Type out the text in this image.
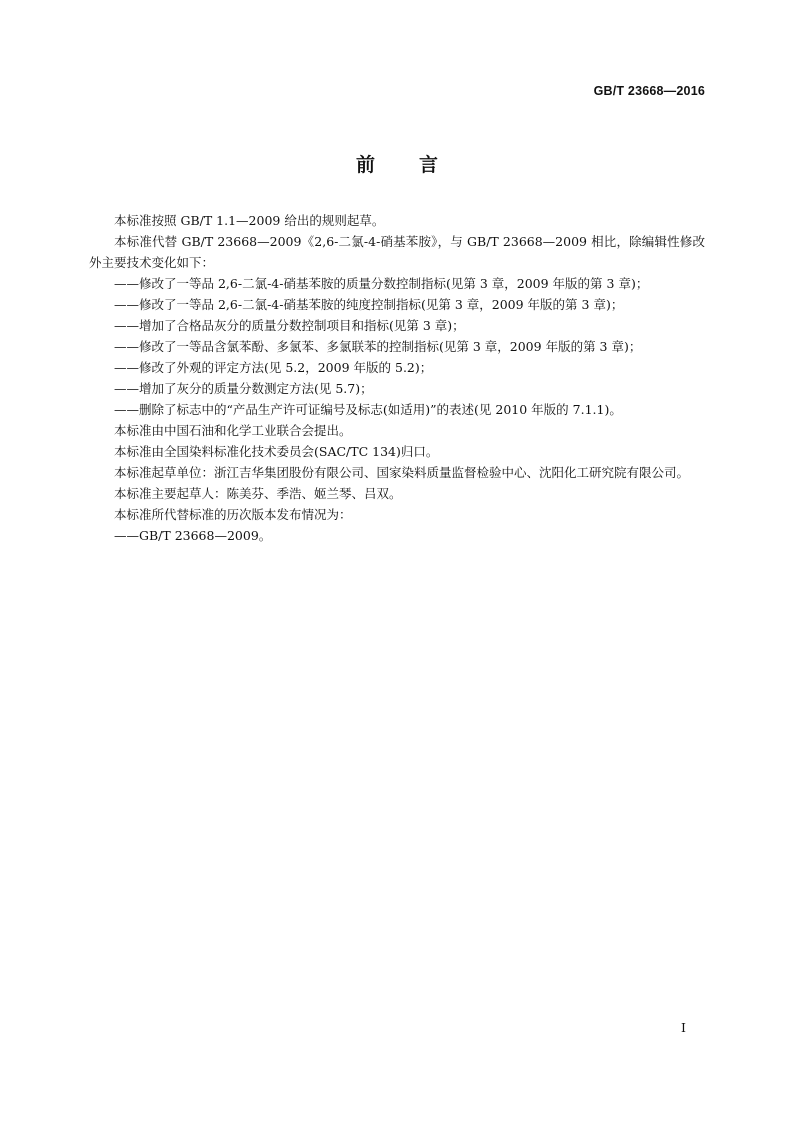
GB/T 23668—2016
前言

本标准按照 GB/T 1.1—2009 给出的规则起草。

本标准代替 GB/T 23668—2009《2,6-二氯-4-硝基苯胺》，与 GB/T 23668—2009 相比，除编辑性修改外主要技术变化如下：

——修改了一等品 2,6-二氯-4-硝基苯胺的质量分数控制指标(见第 3 章，2009 年版的第 3 章)；

——修改了一等品 2,6-二氯-4-硝基苯胺的纯度控制指标(见第 3 章，2009 年版的第 3 章)；

——增加了合格品灰分的质量分数控制项目和指标(见第 3 章)；

——修改了一等品含氯苯酚、多氯苯、多氯联苯的控制指标(见第 3 章，2009 年版的第 3 章)；

——修改了外观的评定方法(见 5.2，2009 年版的 5.2)；

——增加了灰分的质量分数测定方法(见 5.7)；

——删除了标志中的“产品生产许可证编号及标志(如适用)”的表述(见 2010 年版的 7.1.1)。

本标准由中国石油和化学工业联合会提出。

本标准由全国染料标准化技术委员会(SAC/TC 134)归口。

本标准起草单位：浙江吉华集团股份有限公司、国家染料质量监督检验中心、沈阳化工研究院有限公司。

本标准主要起草人：陈美芬、季浩、姬兰琴、吕双。

本标准所代替标准的历次版本发布情况为：

——GB/T 23668—2009。

I
